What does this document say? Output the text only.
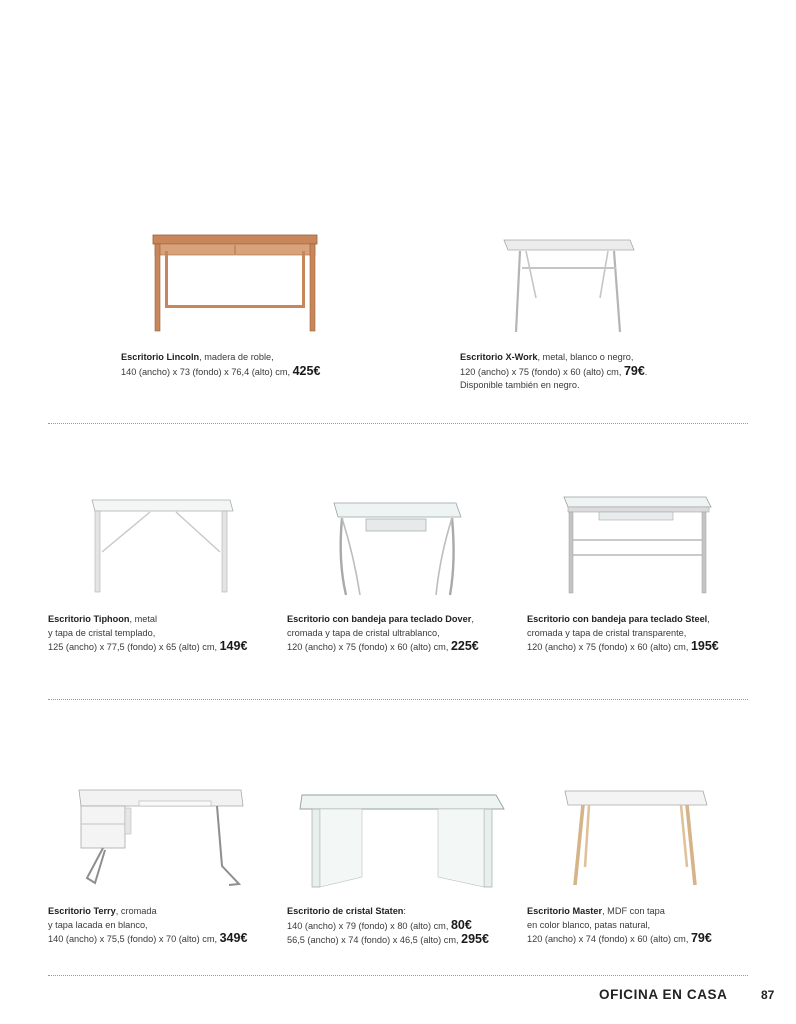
Escritorio Lincoln, madera de roble,
140 (ancho) x 73 (fondo) x 76,4 (alto) cm, 425€
Escritorio X-Work, metal, blanco o negro,
120 (ancho) x 75 (fondo) x 60 (alto) cm, 79€.
Disponible también en negro.
Escritorio Tiphoon, metal
y tapa de cristal templado,
125 (ancho) x 77,5 (fondo) x 65 (alto) cm, 149€
Escritorio con bandeja para teclado Dover,
cromada y tapa de cristal ultrablanco,
120 (ancho) x 75 (fondo) x 60 (alto) cm, 225€
Escritorio con bandeja para teclado Steel,
cromada y tapa de cristal transparente,
120 (ancho) x 75 (fondo) x 60 (alto) cm, 195€
Escritorio Terry, cromada
y tapa lacada en blanco,
140 (ancho) x 75,5 (fondo) x 70 (alto) cm, 349€
Escritorio de cristal Staten:
140 (ancho) x 79 (fondo) x 80 (alto) cm, 80€
56,5 (ancho) x 74 (fondo) x 46,5 (alto) cm, 295€
Escritorio Master, MDF con tapa
en color blanco, patas natural,
120 (ancho) x 74 (fondo) x 60 (alto) cm, 79€
OFICINA EN CASA	87
